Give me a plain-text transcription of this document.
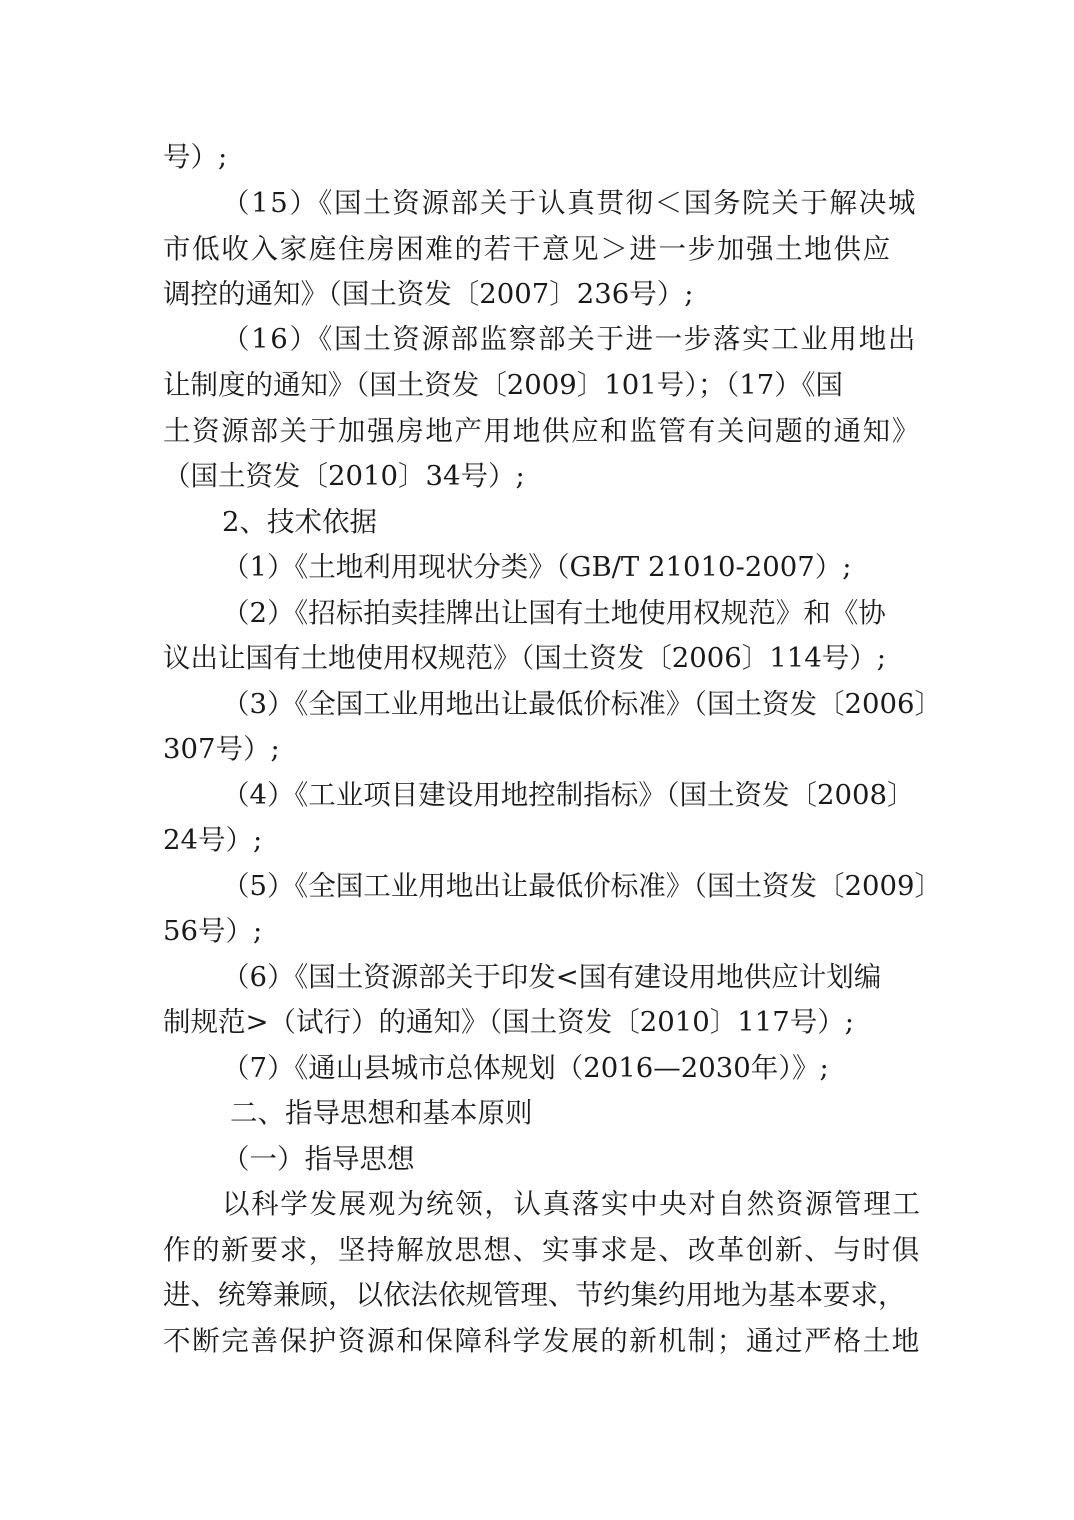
号）;
（15）《国土资源部关于认真贯彻＜国务院关于解决城
市低收入家庭住房困难的若干意见＞进一步加强土地供应
调控的通知》（国土资发〔2007〕236号）;
（16）《国土资源部监察部关于进一步落实工业用地出
让制度的通知》（国土资发〔2009〕101号）；（17）《国
土资源部关于加强房地产用地供应和监管有关问题的通知》
（国土资发〔2010〕34号）;
2、技术依据
（1）《土地利用现状分类》（GB/T 21010-2007）;
（2）《招标拍卖挂牌出让国有土地使用权规范》和《协
议出让国有土地使用权规范》（国土资发〔2006〕114号）;
（3）《全国工业用地出让最低价标准》（国土资发〔2006〕
307号）;
（4）《工业项目建设用地控制指标》（国土资发〔2008〕
24号）;
（5）《全国工业用地出让最低价标准》（国土资发〔2009〕
56号）;
（6）《国土资源部关于印发<国有建设用地供应计划编
制规范>（试行）的通知》（国土资发〔2010〕117号）;
（7）《通山县城市总体规划（2016—2030年）》;
二、指导思想和基本原则
（一）指导思想
以科学发展观为统领，认真落实中央对自然资源管理工
作的新要求，坚持解放思想、实事求是、改革创新、与时俱
进、统筹兼顾，以依法依规管理、节约集约用地为基本要求，
不断完善保护资源和保障科学发展的新机制；通过严格土地
